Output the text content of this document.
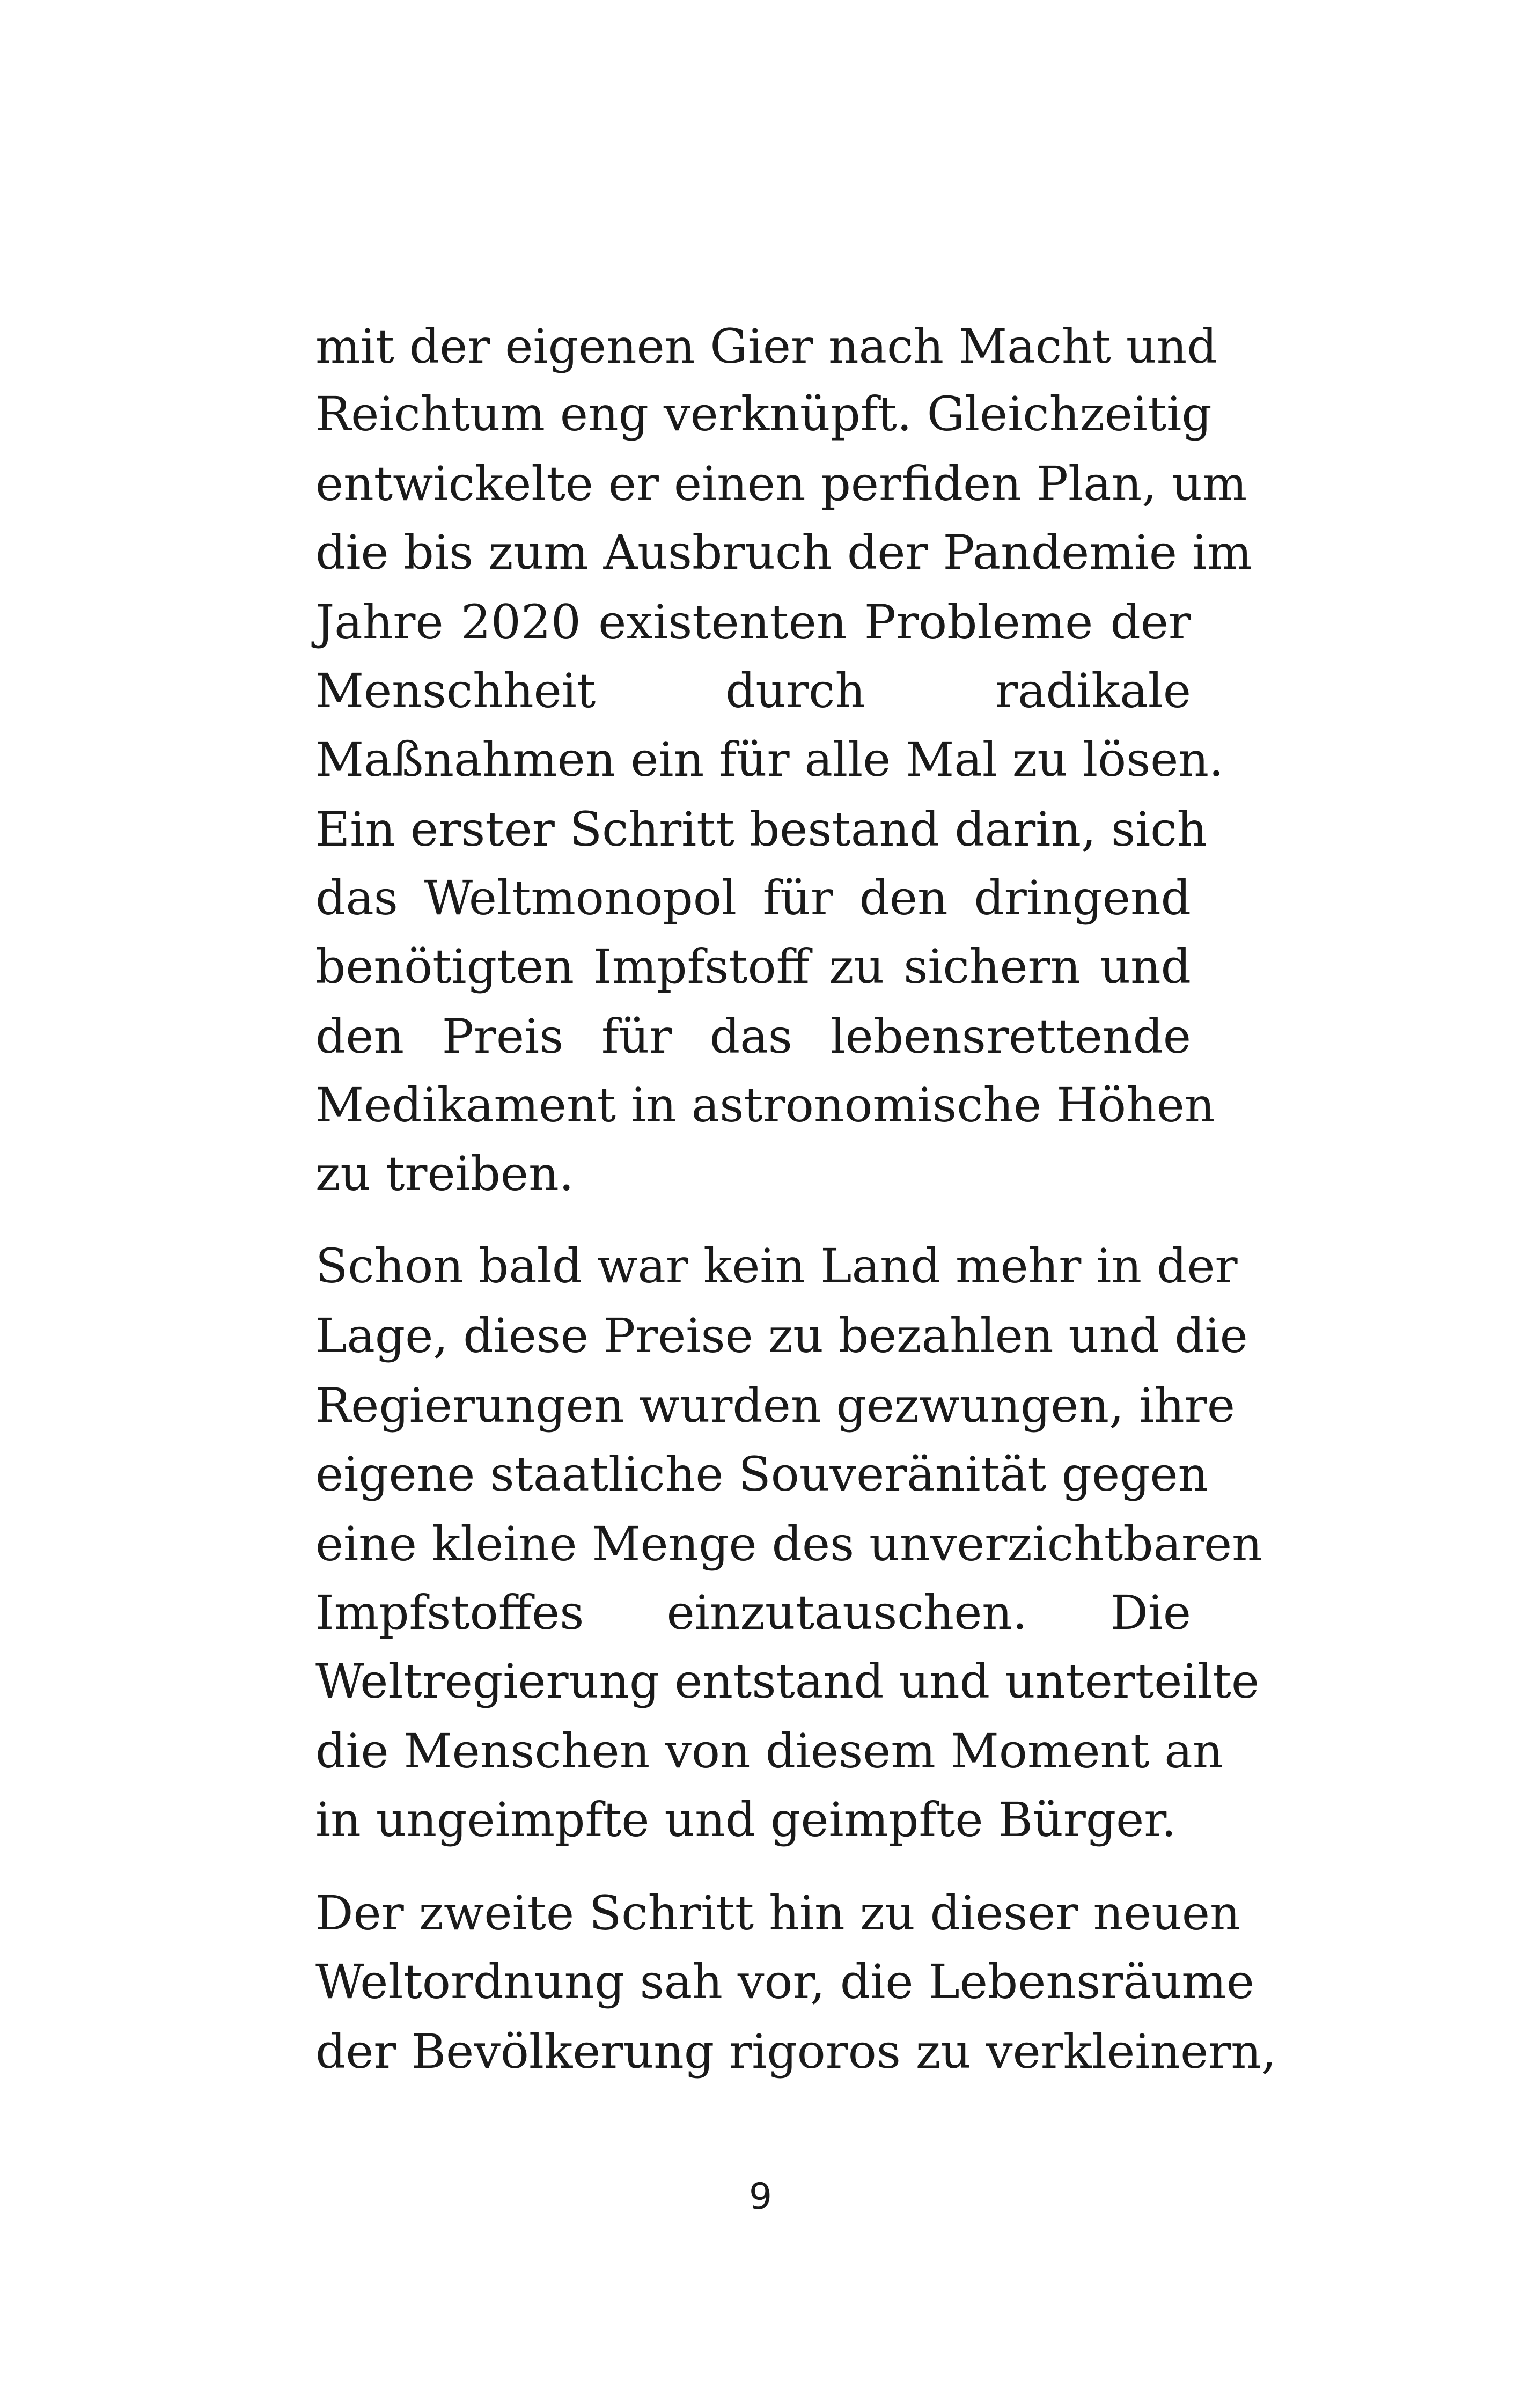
mit der eigenen Gier nach Macht und
Reichtum eng verknüpft. Gleichzeitig
entwickelte er einen perfiden Plan, um
die bis zum Ausbruch der Pandemie im
Jahre 2020 existenten Probleme der
Menschheit durch radikale
Maßnahmen ein für alle Mal zu lösen.
Ein erster Schritt bestand darin, sich
das Weltmonopol für den dringend
benötigten Impfstoff zu sichern und
den Preis für das lebensrettende
Medikament in astronomische Höhen
zu treiben.
Schon bald war kein Land mehr in der
Lage, diese Preise zu bezahlen und die
Regierungen wurden gezwungen, ihre
eigene staatliche Souveränität gegen
eine kleine Menge des unverzichtbaren
Impfstoffes einzutauschen. Die
Weltregierung entstand und unterteilte
die Menschen von diesem Moment an
in ungeimpfte und geimpfte Bürger.
Der zweite Schritt hin zu dieser neuen
Weltordnung sah vor, die Lebensräume
der Bevölkerung rigoros zu verkleinern,
9
